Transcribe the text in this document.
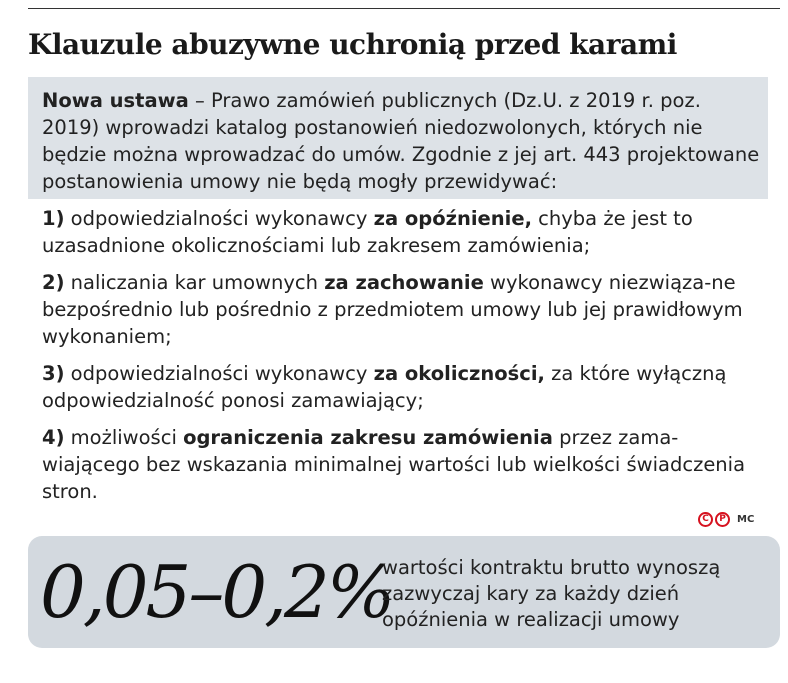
Klauzule abuzywne uchronią przed karami
Nowa ustawa – Prawo zamówień publicznych (Dz.U. z 2019 r. poz. 2019) wprowadzi katalog postanowień niedozwolonych, których nie będzie można wprowadzać do umów. Zgodnie z jej art. 443 projektowane postanowienia umowy nie będą mogły przewidywać:
1) odpowiedzialności wykonawcy za opóźnienie, chyba że jest to uzasadnione okolicznościami lub zakresem zamówienia;
2) naliczania kar umownych za zachowanie wykonawcy niezwiąza-ne bezpośrednio lub pośrednio z przedmiotem umowy lub jej prawidłowym wykonaniem;
3) odpowiedzialności wykonawcy za okoliczności, za które wyłączną odpowiedzialność ponosi zamawiający;
4) możliwości ograniczenia zakresu zamówienia przez zama-wiającego bez wskazania minimalnej wartości lub wielkości świadczenia stron.
C	P	MC
0,05–0,2%
wartości kontraktu brutto wynoszą zazwyczaj kary za każdy dzień opóźnienia w realizacji umowy
